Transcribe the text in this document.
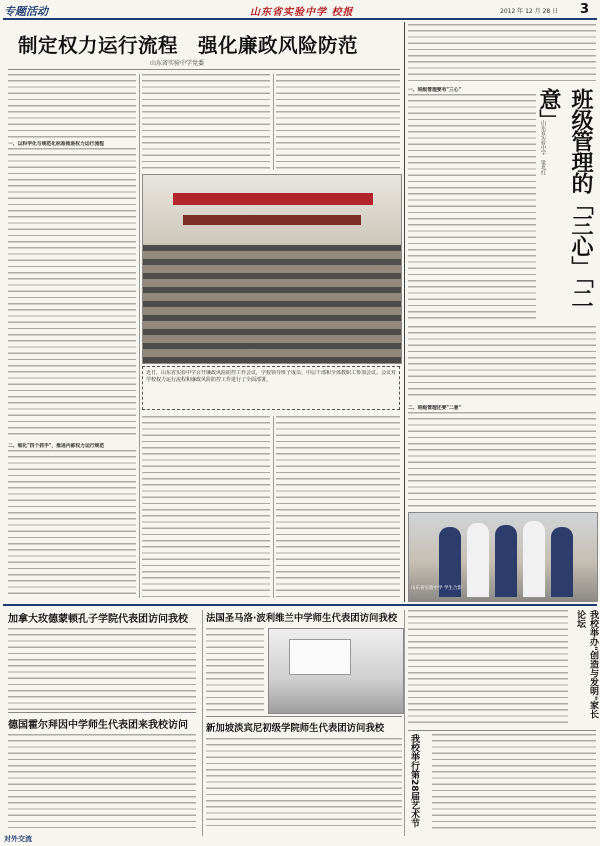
专题活动	山东省实验中学 校报	2012 年 12 月 28 日 3
制定权力运行流程　强化廉政风险防范
山东省实验中学党委
一、以科学化与规范化标准推进权力运行流程
二、细化"四个抓手"，推进内部权力运行规范
近日，山东省实验中学召开廉政风险防控工作会议，学校领导班子成员、中层干部和全体教职工参加会议。会议对学校权力运行流程和廉政风险防控工作进行了全面部署。
班级管理的「三心」「二意」
山东省实验中学　梁兆红
一、班级管理要有"三心"
二、班级管理还要"二意"
山东省实验中学 学生合影
加拿大玫德蒙顿孔子学院代表团访问我校
德国霍尔拜因中学师生代表团来我校访问
法国圣马洛·波利维兰中学师生代表团访问我校
新加坡淡宾尼初级学院师生代表团访问我校
我校举办"创造与发明"家长论坛
我校举行第28届艺术节
对外交流
